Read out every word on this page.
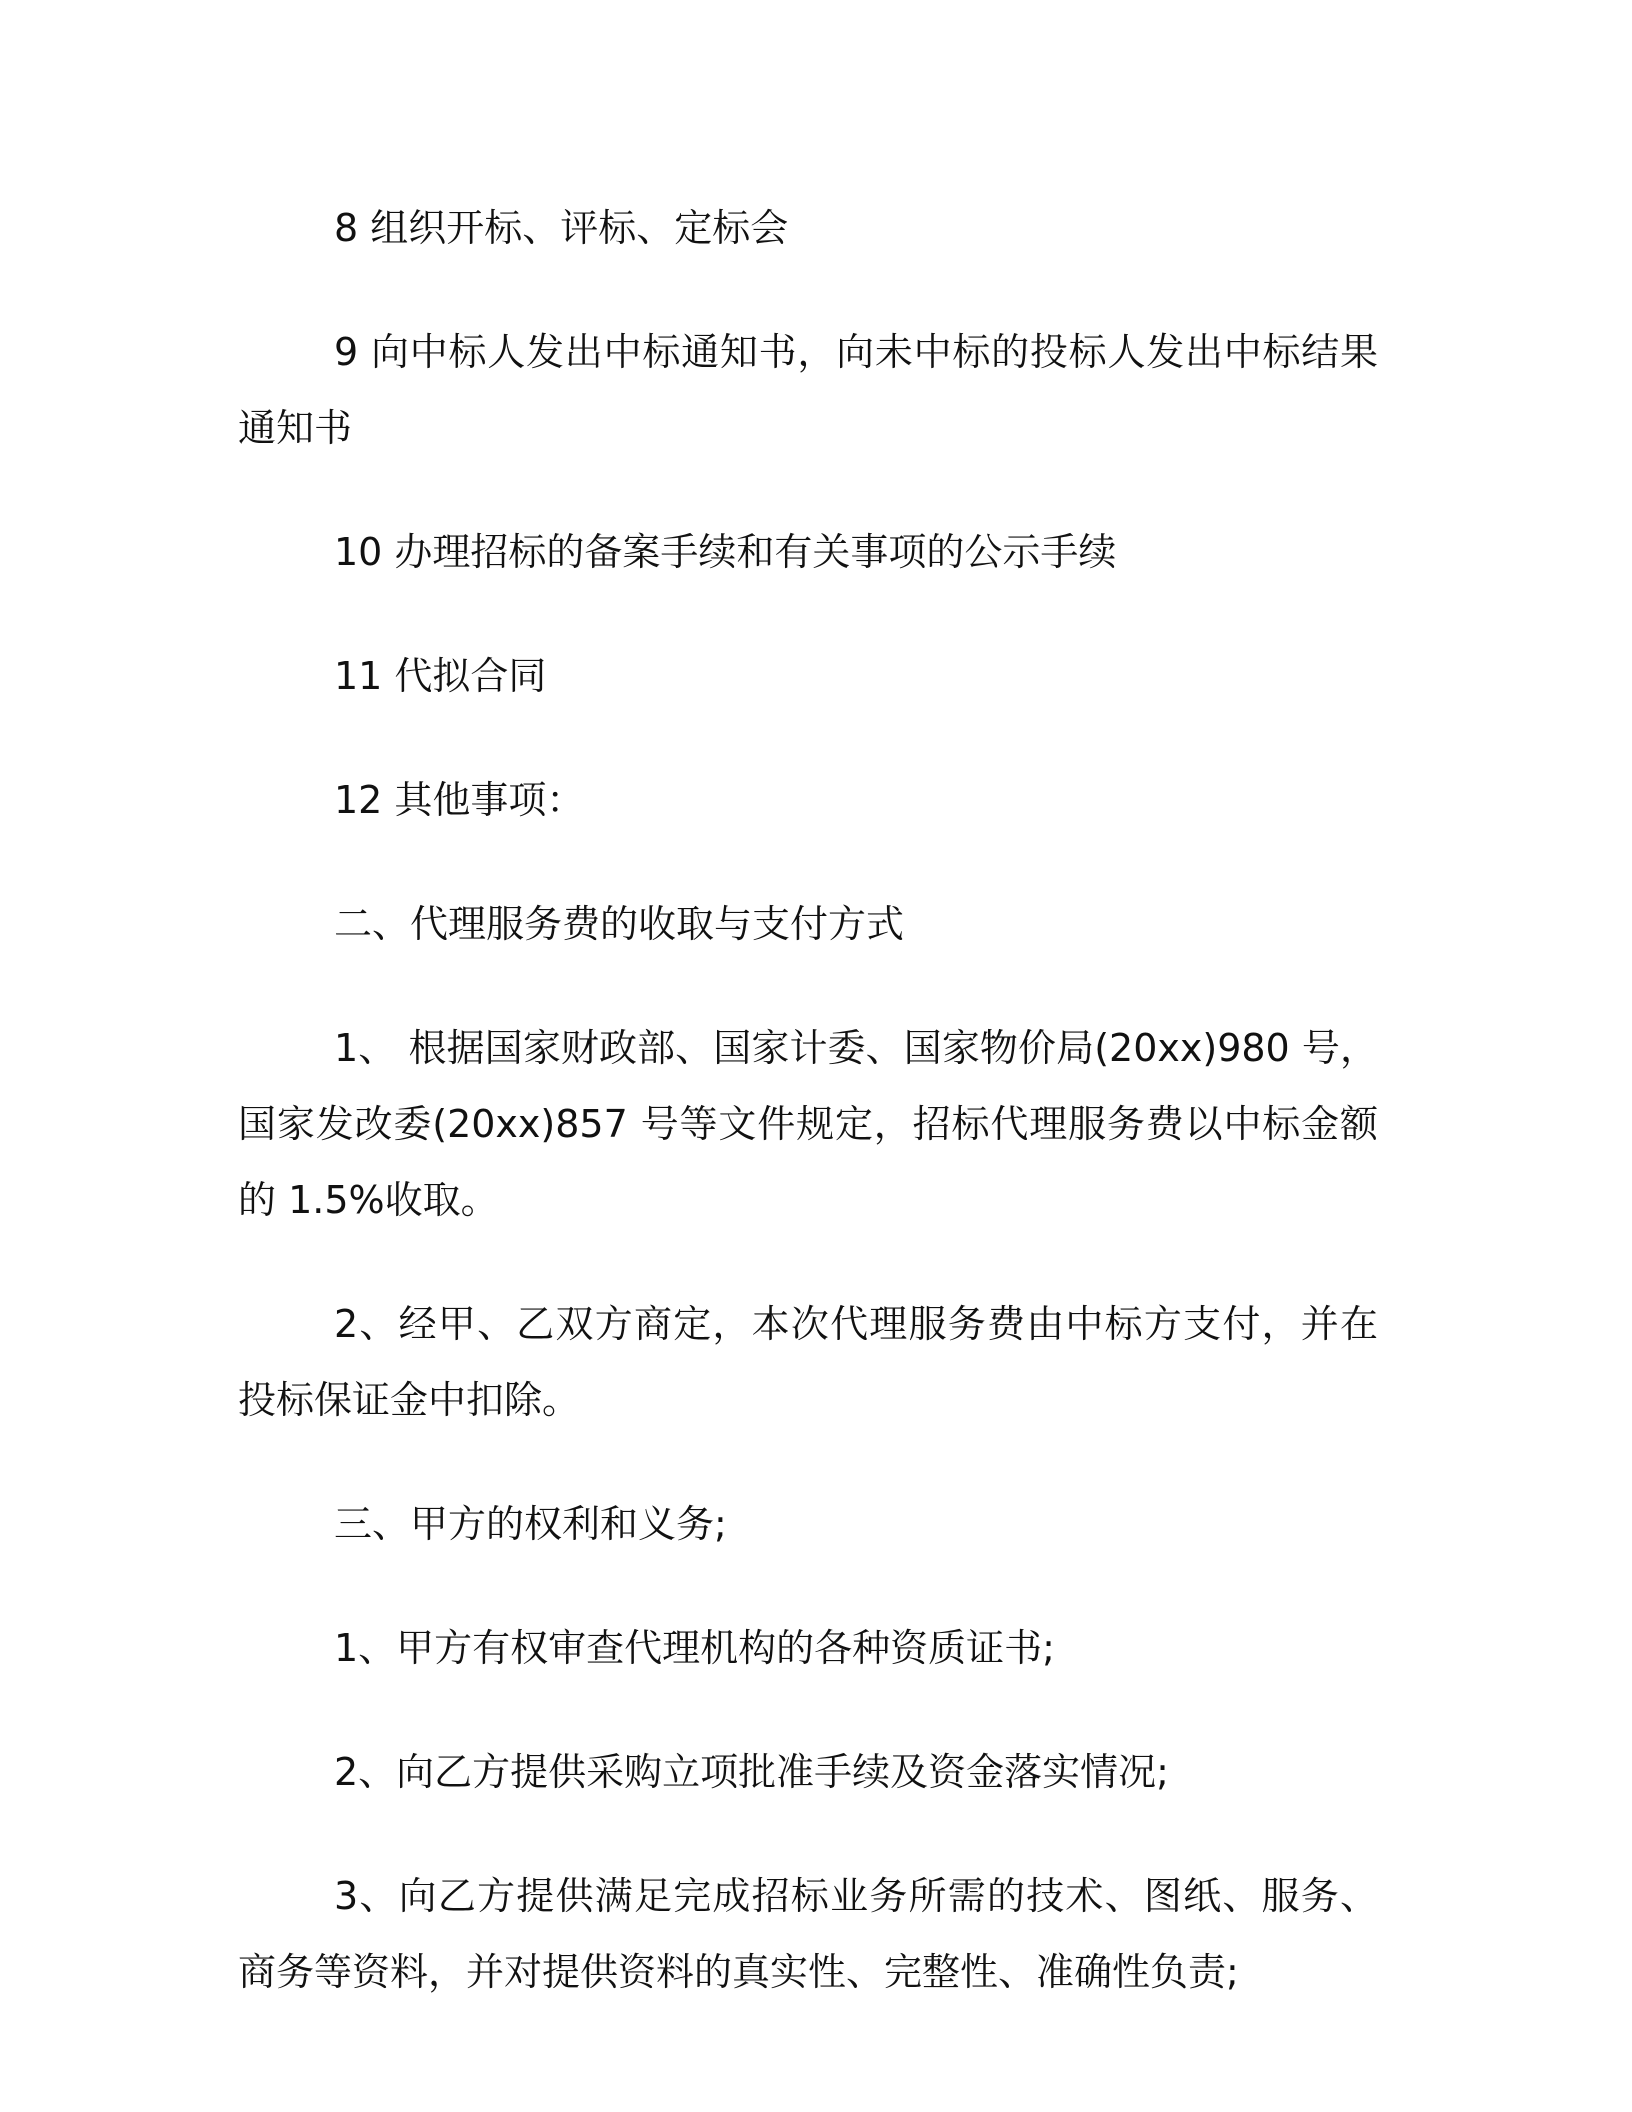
8 组织开标、评标、定标会

9 向中标人发出中标通知书，向未中标的投标人发出中标结果通知书

10 办理招标的备案手续和有关事项的公示手续

11 代拟合同

12 其他事项：

二、代理服务费的收取与支付方式

1、 根据国家财政部、国家计委、国家物价局(20xx)980 号，国家发改委(20xx)857 号等文件规定，招标代理服务费以中标金额的 1.5%收取。

2、经甲、乙双方商定，本次代理服务费由中标方支付，并在投标保证金中扣除。

三、甲方的权利和义务;

1、甲方有权审查代理机构的各种资质证书;

2、向乙方提供采购立项批准手续及资金落实情况;

3、向乙方提供满足完成招标业务所需的技术、图纸、服务、商务等资料，并对提供资料的真实性、完整性、准确性负责;
